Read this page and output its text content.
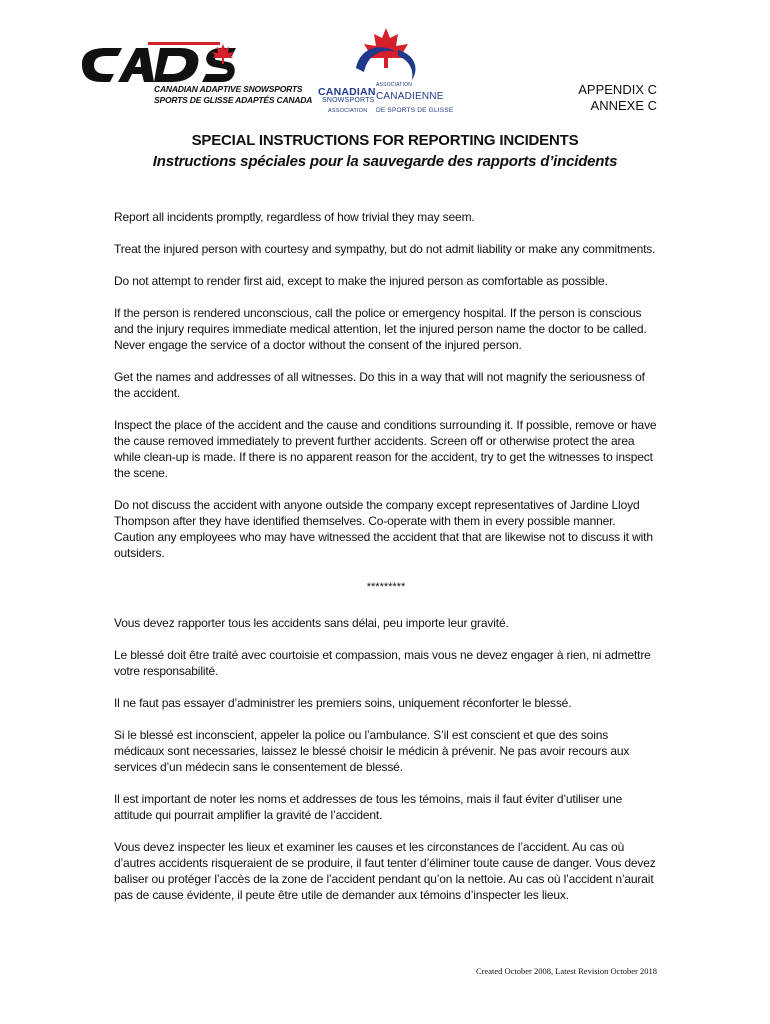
CANADIAN ADAPTIVE SNOWSPORTS
SPORTS DE GLISSE ADAPTÉS CANADA
CANADIAN
ASSOCIATION
SNOWSPORTS CANADIENNE
ASSOCIATION DE SPORTS DE GLISSE
APPENDIX C
ANNEXE C
SPECIAL INSTRUCTIONS FOR REPORTING INCIDENTS
Instructions spéciales pour la sauvegarde des rapports d’incidents

Report all incidents promptly, regardless of how trivial they may seem.

Treat the injured person with courtesy and sympathy, but do not admit liability or make any commitments.

Do not attempt to render first aid, except to make the injured person as comfortable as possible.

If the person is rendered unconscious, call the police or emergency hospital. If the person is conscious and the injury requires immediate medical attention, let the injured person name the doctor to be called. Never engage the service of a doctor without the consent of the injured person.

Get the names and addresses of all witnesses. Do this in a way that will not magnify the seriousness of the accident.

Inspect the place of the accident and the cause and conditions surrounding it. If possible, remove or have the cause removed immediately to prevent further accidents. Screen off or otherwise protect the area while clean-up is made. If there is no apparent reason for the accident, try to get the witnesses to inspect the scene.

Do not discuss the accident with anyone outside the company except representatives of Jardine Lloyd Thompson after they have identified themselves. Co-operate with them in every possible manner. Caution any employees who may have witnessed the accident that that are likewise not to discuss it with outsiders.

*********

Vous devez rapporter tous les accidents sans délai, peu importe leur gravité.

Le blessé doit être traité avec courtoisie et compassion, mais vous ne devez engager à rien, ni admettre votre responsabilité.

Il ne faut pas essayer d’administrer les premiers soins, uniquement réconforter le blessé.

Si le blessé est inconscient, appeler la police ou l’ambulance. S’il est conscient et que des soins médicaux sont necessaries, laissez le blessé choisir le médicin à prévenir. Ne pas avoir recours aux services d’un médecin sans le consentement de blessé.

Il est important de noter les noms et addresses de tous les témoins, mais il faut éviter d’utiliser une attitude qui pourrait amplifier la gravité de l’accident.

Vous devez inspecter les lieux et examiner les causes et les circonstances de l’accident. Au cas où d’autres accidents risqueraient de se produire, il faut tenter d’éliminer toute cause de danger. Vous devez baliser ou protéger l’accès de la zone de l’accident pendant qu’on la nettoie. Au cas où l’accident n’aurait pas de cause évidente, il peute être utile de demander aux témoins d’inspecter les lieux.

Created October 2008, Latest Revision October 2018
